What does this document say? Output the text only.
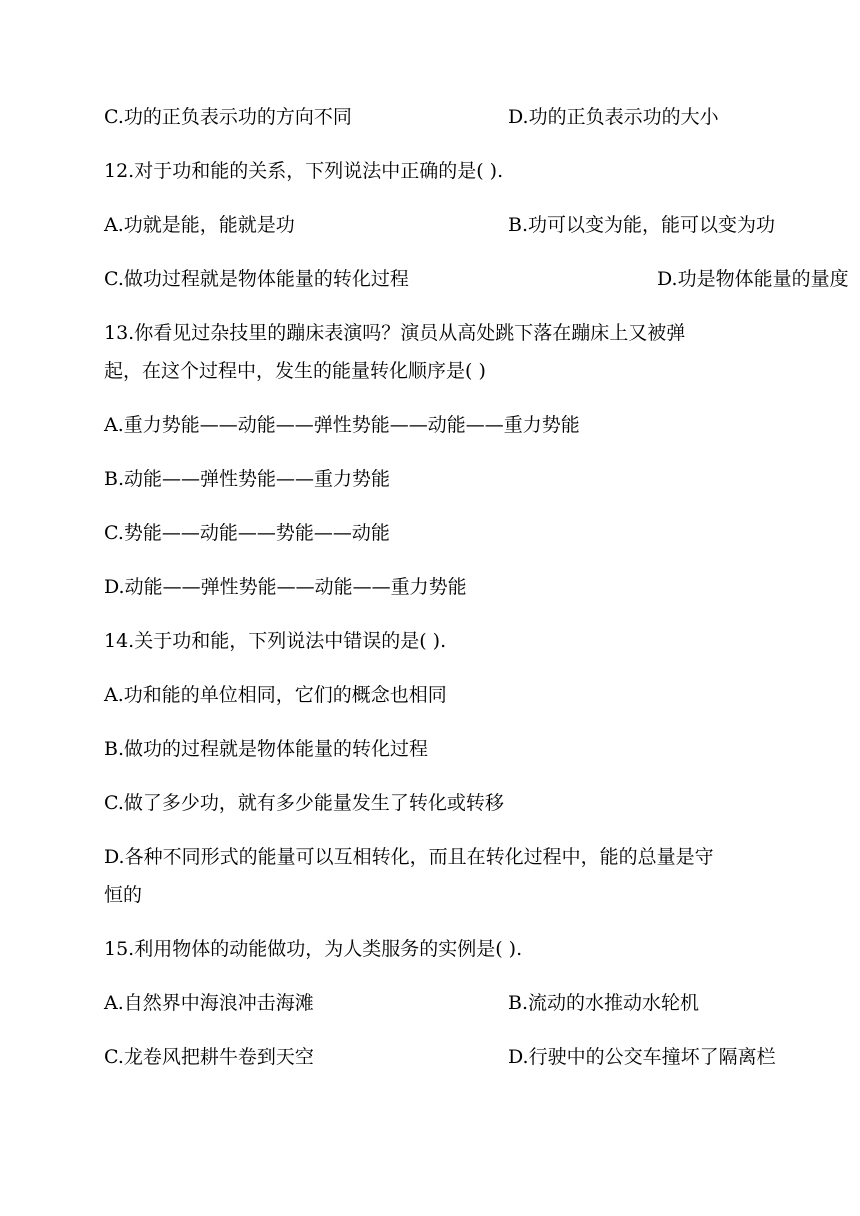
C.功的正负表示功的方向不同	D.功的正负表示功的大小
12.对于功和能的关系，下列说法中正确的是( ).
A.功就是能，能就是功	B.功可以变为能，能可以变为功
C.做功过程就是物体能量的转化过程	D.功是物体能量的量度
13.你看见过杂技里的蹦床表演吗？演员从高处跳下落在蹦床上又被弹
起，在这个过程中，发生的能量转化顺序是( )
A.重力势能——动能——弹性势能——动能——重力势能
B.动能——弹性势能——重力势能
C.势能——动能——势能——动能
D.动能——弹性势能——动能——重力势能
14.关于功和能，下列说法中错误的是( ).
A.功和能的单位相同，它们的概念也相同
B.做功的过程就是物体能量的转化过程
C.做了多少功，就有多少能量发生了转化或转移
D.各种不同形式的能量可以互相转化，而且在转化过程中，能的总量是守
恒的
15.利用物体的动能做功，为人类服务的实例是( ).
A.自然界中海浪冲击海滩	B.流动的水推动水轮机
C.龙卷风把耕牛卷到天空	D.行驶中的公交车撞坏了隔离栏
